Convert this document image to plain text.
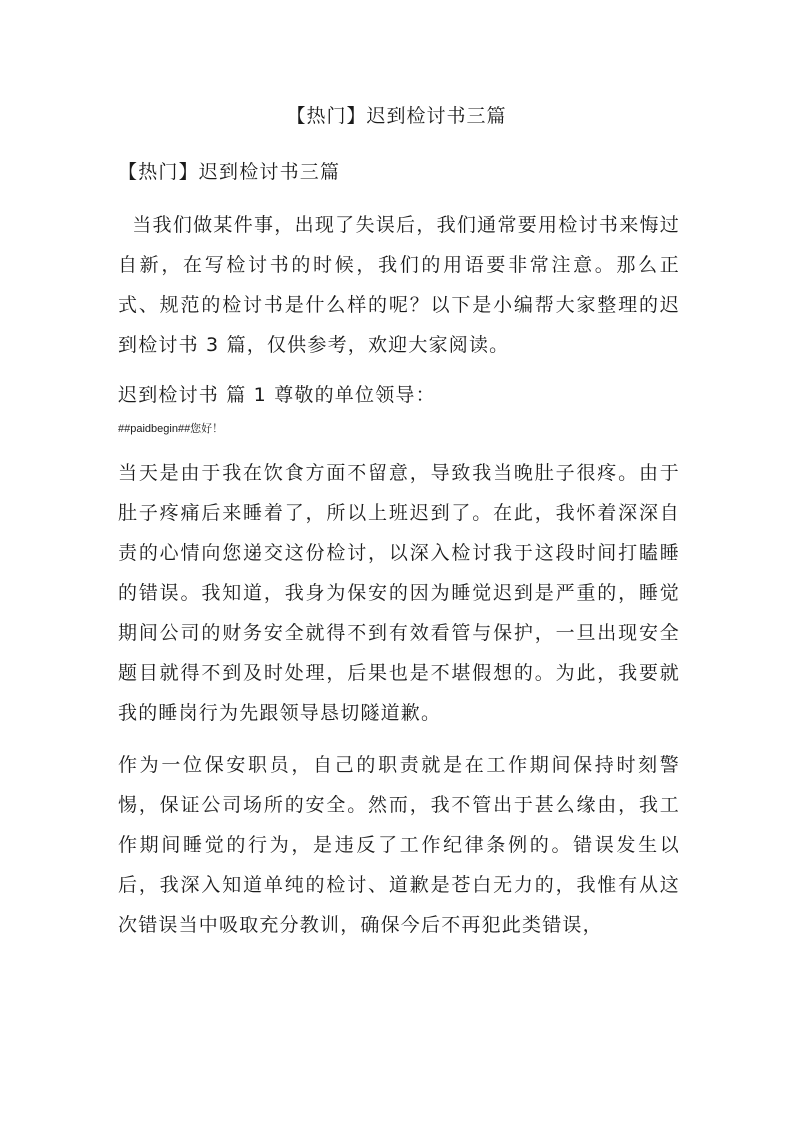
【热门】迟到检讨书三篇

【热门】迟到检讨书三篇

当我们做某件事，出现了失误后，我们通常要用检讨书来悔过自新，在写检讨书的时候，我们的用语要非常注意。那么正式、规范的检讨书是什么样的呢？以下是小编帮大家整理的迟到检讨书 3 篇，仅供参考，欢迎大家阅读。

迟到检讨书 篇 1 尊敬的单位领导：

##paidbegin##您好！

当天是由于我在饮食方面不留意，导致我当晚肚子很疼。由于肚子疼痛后来睡着了，所以上班迟到了。在此，我怀着深深自责的心情向您递交这份检讨，以深入检讨我于这段时间打瞌睡的错误。我知道，我身为保安的因为睡觉迟到是严重的，睡觉期间公司的财务安全就得不到有效看管与保护，一旦出现安全题目就得不到及时处理，后果也是不堪假想的。为此，我要就我的睡岗行为先跟领导恳切隧道歉。

作为一位保安职员，自己的职责就是在工作期间保持时刻警惕，保证公司场所的安全。然而，我不管出于甚么缘由，我工作期间睡觉的行为，是违反了工作纪律条例的。错误发生以后，我深入知道单纯的检讨、道歉是苍白无力的，我惟有从这次错误当中吸取充分教训，确保今后不再犯此类错误，
